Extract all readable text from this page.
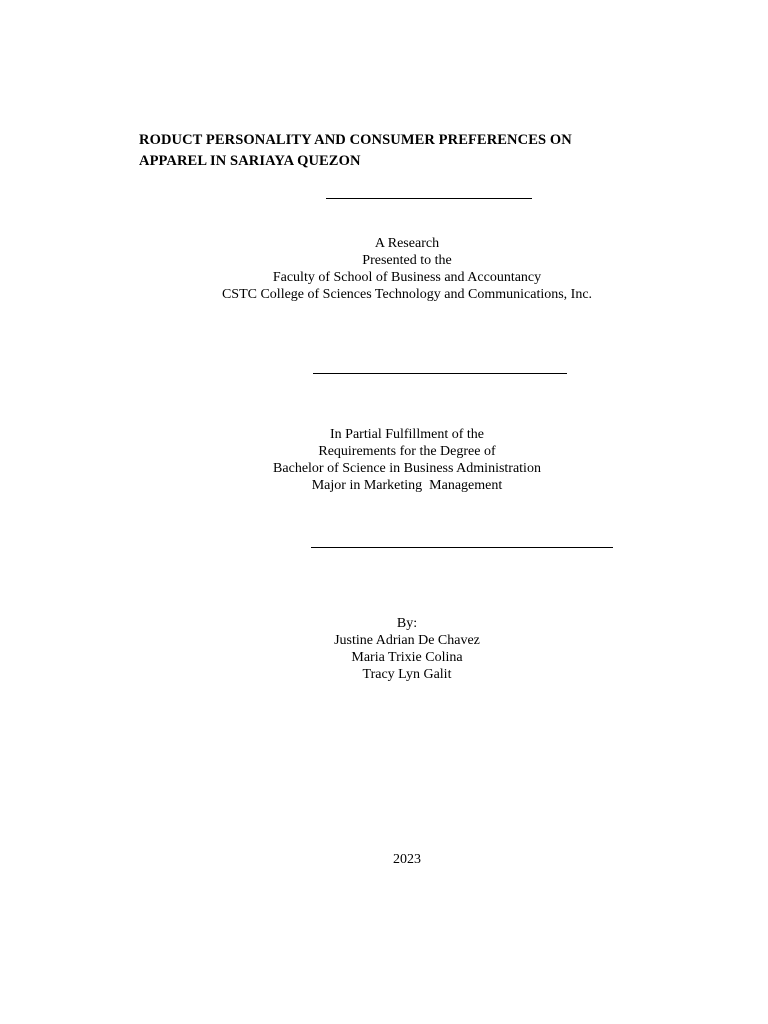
RODUCT PERSONALITY AND CONSUMER PREFERENCES ON
APPAREL IN SARIAYA QUEZON
A Research
Presented to the
Faculty of School of Business and Accountancy
CSTC College of Sciences Technology and Communications, Inc.
In Partial Fulfillment of the
Requirements for the Degree of
Bachelor of Science in Business Administration
Major in Marketing  Management
By:
Justine Adrian De Chavez
Maria Trixie Colina
Tracy Lyn Galit
2023
